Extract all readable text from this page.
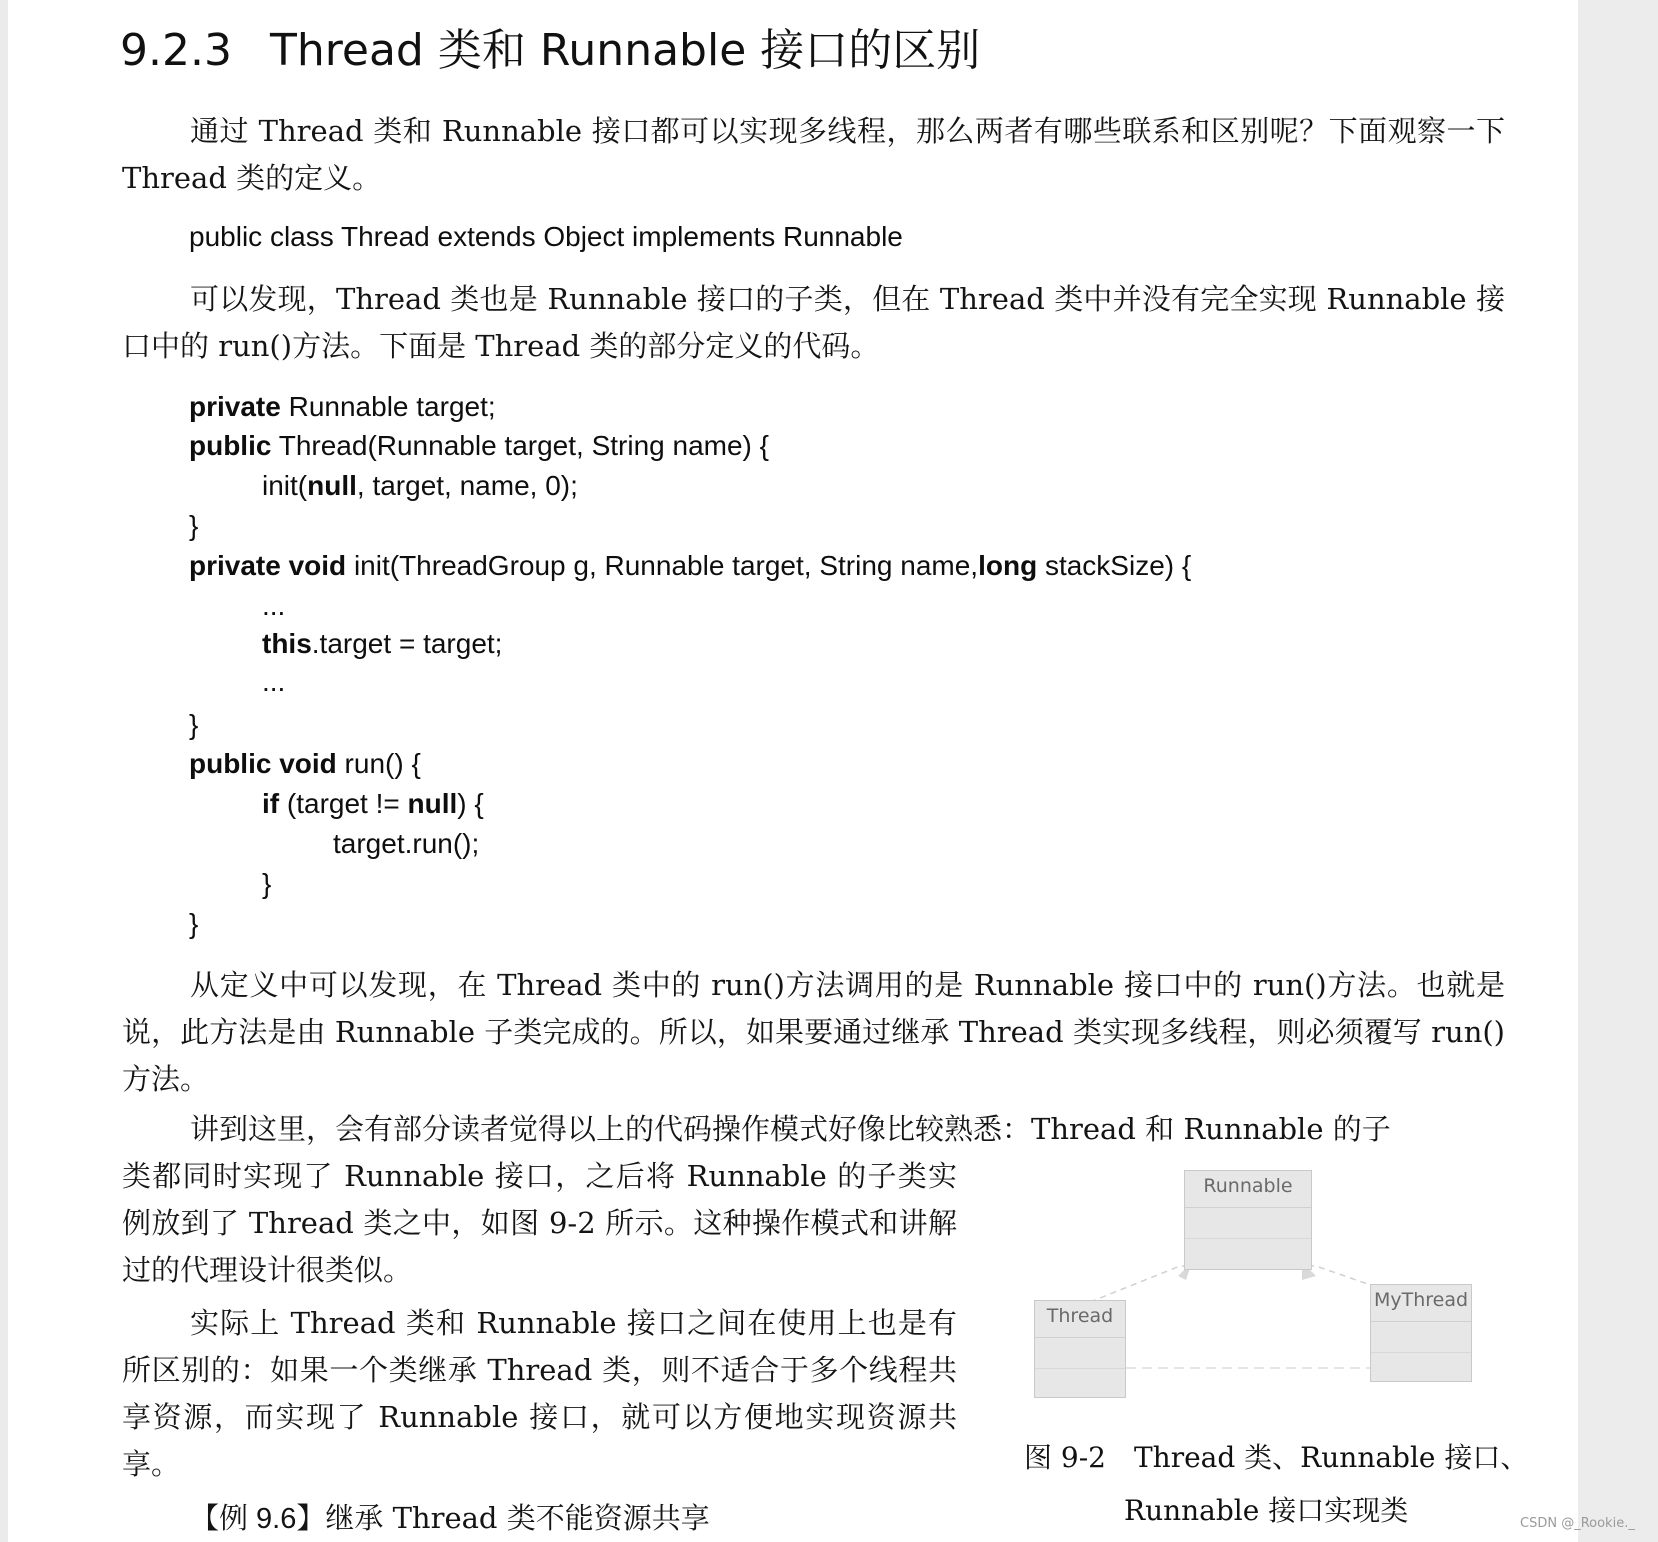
9.2.3 Thread 类和 Runnable 接口的区别

通过 Thread 类和 Runnable 接口都可以实现多线程，那么两者有哪些联系和区别呢？下面观察一下 Thread 类的定义。

public class Thread extends Object implements Runnable

可以发现，Thread 类也是 Runnable 接口的子类，但在 Thread 类中并没有完全实现 Runnable 接口中的 run()方法。下面是 Thread 类的部分定义的代码。

private Runnable target;
public Thread(Runnable target, String name) {
init(null, target, name, 0);
}
private void init(ThreadGroup g, Runnable target, String name,long stackSize) {
...
this.target = target;
...
}
public void run() {
if (target != null) {
target.run();
}
}

从定义中可以发现，在 Thread 类中的 run()方法调用的是 Runnable 接口中的 run()方法。也就是说，此方法是由 Runnable 子类完成的。所以，如果要通过继承 Thread 类实现多线程，则必须覆写 run()方法。

讲到这里，会有部分读者觉得以上的代码操作模式好像比较熟悉：Thread 和 Runnable 的子

类都同时实现了 Runnable 接口，之后将 Runnable 的子类实例放到了 Thread 类之中，如图 9-2 所示。这种操作模式和讲解过的代理设计很类似。

实际上 Thread 类和 Runnable 接口之间在使用上也是有所区别的：如果一个类继承 Thread 类，则不适合于多个线程共享资源，而实现了 Runnable 接口，就可以方便地实现资源共享。

【例 9.6】继承 Thread 类不能资源共享
Runnable
Thread
MyThread
图 9-2　Thread 类、Runnable 接口、
Runnable 接口实现类	CSDN @_Rookie._
